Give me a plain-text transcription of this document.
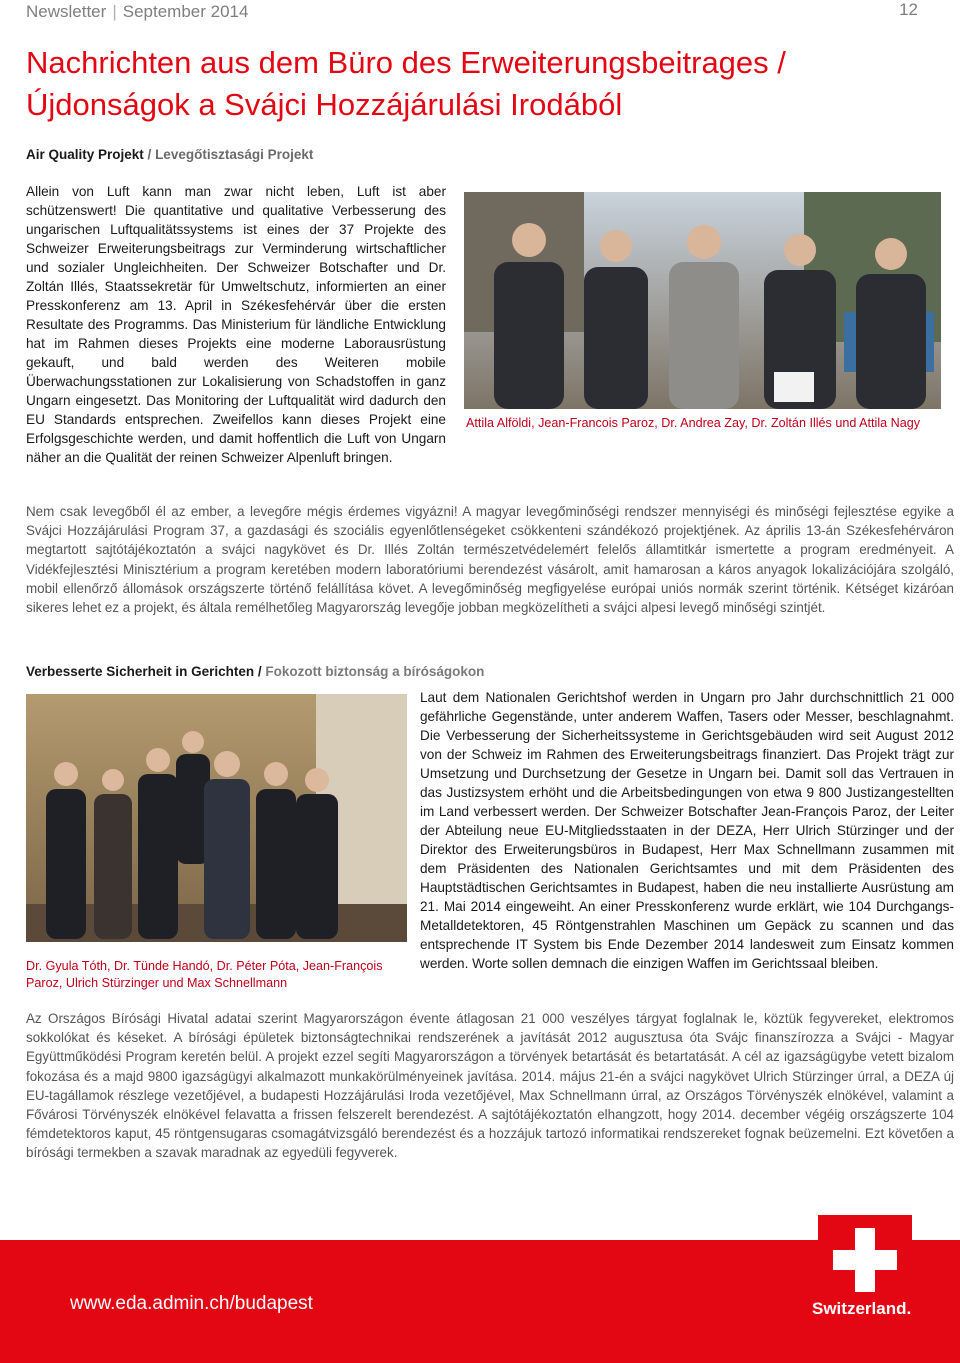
Newsletter | September 2014	12
Nachrichten aus dem Büro des Erweiterungsbeitrages /
Újdonságok a Svájci Hozzájárulási Irodából
Air Quality Projekt / Levegőtisztasági Projekt
Allein von Luft kann man zwar nicht leben, Luft ist aber schützenswert! Die quantitative und qualitative Verbesserung des ungarischen Luftqualitätssystems ist eines der 37 Projekte des Schweizer Erweiterungsbeitrags zur Verminderung wirtschaftlicher und sozialer Ungleichheiten. Der Schweizer Botschafter und Dr. Zoltán Illés, Staatssekretär für Umweltschutz, informierten an einer Presskonferenz am 13. April in Székesfehérvár über die ersten Resultate des Programms. Das Ministerium für ländliche Entwicklung hat im Rahmen dieses Projekts eine moderne Laborausrüstung gekauft, und bald werden des Weiteren mobile Überwachungsstationen zur Lokalisierung von Schadstoffen in ganz Ungarn eingesetzt. Das Monitoring der Luftqualität wird dadurch den EU Standards entsprechen. Zweifellos kann dieses Projekt eine Erfolgsgeschichte werden, und damit hoffentlich die Luft von Ungarn näher an die Qualität der reinen Schweizer Alpenluft bringen.
Attila Alföldi, Jean-Francois Paroz, Dr. Andrea Zay, Dr. Zoltán Illés und Attila Nagy
Nem csak levegőből él az ember, a levegőre mégis érdemes vigyázni! A magyar levegőminőségi rendszer mennyiségi és minőségi fejlesztése egyike a Svájci Hozzájárulási Program 37, a gazdasági és szociális egyenlőtlenségeket csökkenteni szándékozó projektjének. Az április 13-án Székesfehérváron megtartott sajtótájékoztatón a svájci nagykövet és Dr. Illés Zoltán természetvédelemért felelős államtitkár ismertette a program eredményeit. A Vidékfejlesztési Minisztérium a program keretében modern laboratóriumi berendezést vásárolt, amit hamarosan a káros anyagok lokalizációjára szolgáló, mobil ellenőrző állomások országszerte történő felállítása követ. A levegőminőség megfigyelése európai uniós normák szerint történik. Kétséget kizáróan sikeres lehet ez a projekt, és általa remélhetőleg Magyarország levegője jobban megközelítheti a svájci alpesi levegő minőségi szintjét.
Verbesserte Sicherheit in Gerichten / Fokozott biztonság a bíróságokon
Dr. Gyula Tóth, Dr. Tünde Handó, Dr. Péter Póta, Jean-François Paroz, Ulrich Stürzinger und Max Schnellmann
Laut dem Nationalen Gerichtshof werden in Ungarn pro Jahr durchschnittlich 21 000 gefährliche Gegenstände, unter anderem Waffen, Tasers oder Messer, beschlagnahmt. Die Verbesserung der Sicherheitssysteme in Gerichtsgebäuden wird seit August 2012 von der Schweiz im Rahmen des Erweiterungsbeitrags finanziert. Das Projekt trägt zur Umsetzung und Durchsetzung der Gesetze in Ungarn bei. Damit soll das Vertrauen in das Justizsystem erhöht und die Arbeitsbedingungen von etwa 9 800 Justizangestellten im Land verbessert werden. Der Schweizer Botschafter Jean-François Paroz, der Leiter der Abteilung neue EU-Mitgliedsstaaten in der DEZA, Herr Ulrich Stürzinger und der Direktor des Erweiterungsbüros in Budapest, Herr Max Schnellmann zusammen mit dem Präsidenten des Nationalen Gerichtsamtes und mit dem Präsidenten des Hauptstädtischen Gerichtsamtes in Budapest, haben die neu installierte Ausrüstung am 21. Mai 2014 eingeweiht. An einer Presskonferenz wurde erklärt, wie 104 Durchgangs-Metalldetektoren, 45 Röntgenstrahlen Maschinen um Gepäck zu scannen und das entsprechende IT System bis Ende Dezember 2014 landesweit zum Einsatz kommen werden. Worte sollen demnach die einzigen Waffen im Gerichtssaal bleiben.
Az Országos Bírósági Hivatal adatai szerint Magyarországon évente átlagosan 21 000 veszélyes tárgyat foglalnak le, köztük fegyvereket, elektromos sokkolókat és késeket. A bírósági épületek biztonságtechnikai rendszerének a javítását 2012 augusztusa óta Svájc finanszírozza a Svájci - Magyar Együttműködési Program keretén belül. A projekt ezzel segíti Magyarországon a törvények betartását és betartatását. A cél az igazságügybe vetett bizalom fokozása és a majd 9800 igazságügyi alkalmazott munkakörülményeinek javítása. 2014. május 21-én a svájci nagykövet Ulrich Stürzinger úrral, a DEZA új EU-tagállamok részlege vezetőjével, a budapesti Hozzájárulási Iroda vezetőjével, Max Schnellmann úrral, az Országos Törvényszék elnökével, valamint a Fővárosi Törvényszék elnökével felavatta a frissen felszerelt berendezést. A sajtótájékoztatón elhangzott, hogy 2014. december végéig országszerte 104 fémdetektoros kaput, 45 röntgensugaras csomagátvizsgáló berendezést és a hozzájuk tartozó informatikai rendszereket fognak beüzemelni. Ezt követően a bírósági termekben a szavak maradnak az egyedüli fegyverek.
www.eda.admin.ch/budapest	Switzerland.
